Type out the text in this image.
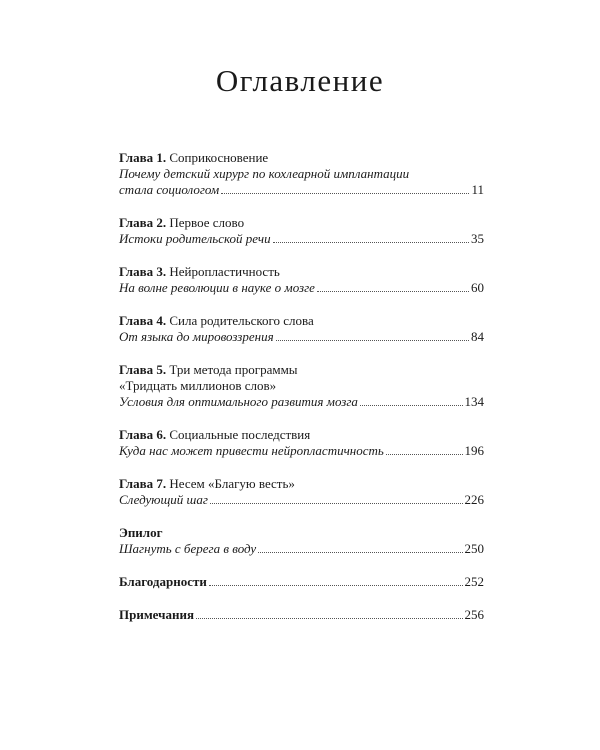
Оглавление
Глава 1. Соприкосновение
Почему детский хирург по кохлеарной имплантации
стала социологом	11
Глава 2. Первое слово
Истоки родительской речи	35
Глава 3. Нейропластичность
На волне революции в науке о мозге	60
Глава 4. Сила родительского слова
От языка до мировоззрения	84
Глава 5. Три метода программы
«Тридцать миллионов слов»
Условия для оптимального развития мозга	134
Глава 6. Социальные последствия
Куда нас может привести нейропластичность	196
Глава 7. Несем «Благую весть»
Следующий шаг	226
Эпилог
Шагнуть с берега в воду	250
Благодарности	252
Примечания	256
